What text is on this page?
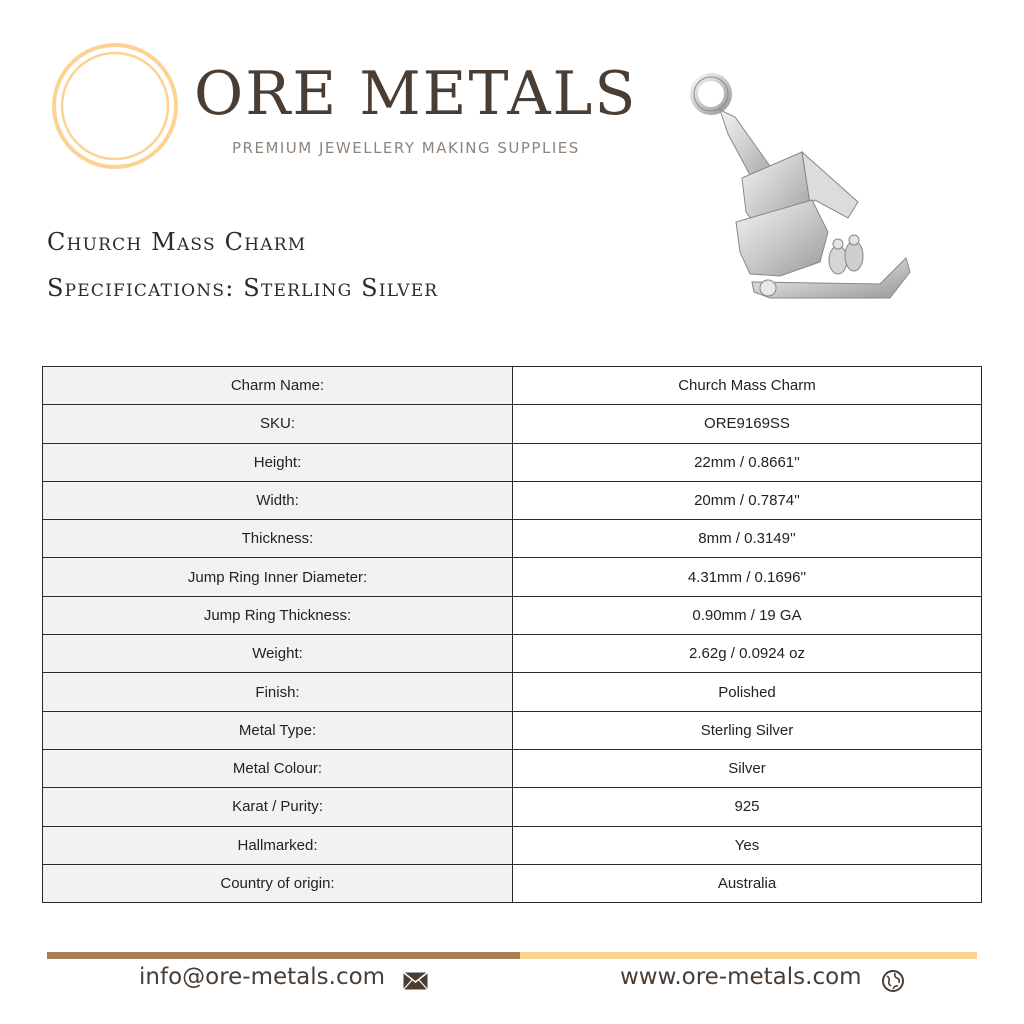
ORE METALS
PREMIUM JEWELLERY MAKING SUPPLIES
Church Mass Charm
Specifications: Sterling Silver
Charm Name:	Church Mass Charm
SKU:	ORE9169SS
Height:	22mm / 0.8661''
Width:	20mm / 0.7874''
Thickness:	8mm / 0.3149''
Jump Ring Inner Diameter:	4.31mm / 0.1696''
Jump Ring Thickness:	0.90mm / 19 GA
Weight:	2.62g / 0.0924 oz
Finish:	Polished
Metal Type:	Sterling Silver
Metal Colour:	Silver
Karat / Purity:	925
Hallmarked:	Yes
Country of origin:	Australia
info@ore-metals.com	www.ore-metals.com
